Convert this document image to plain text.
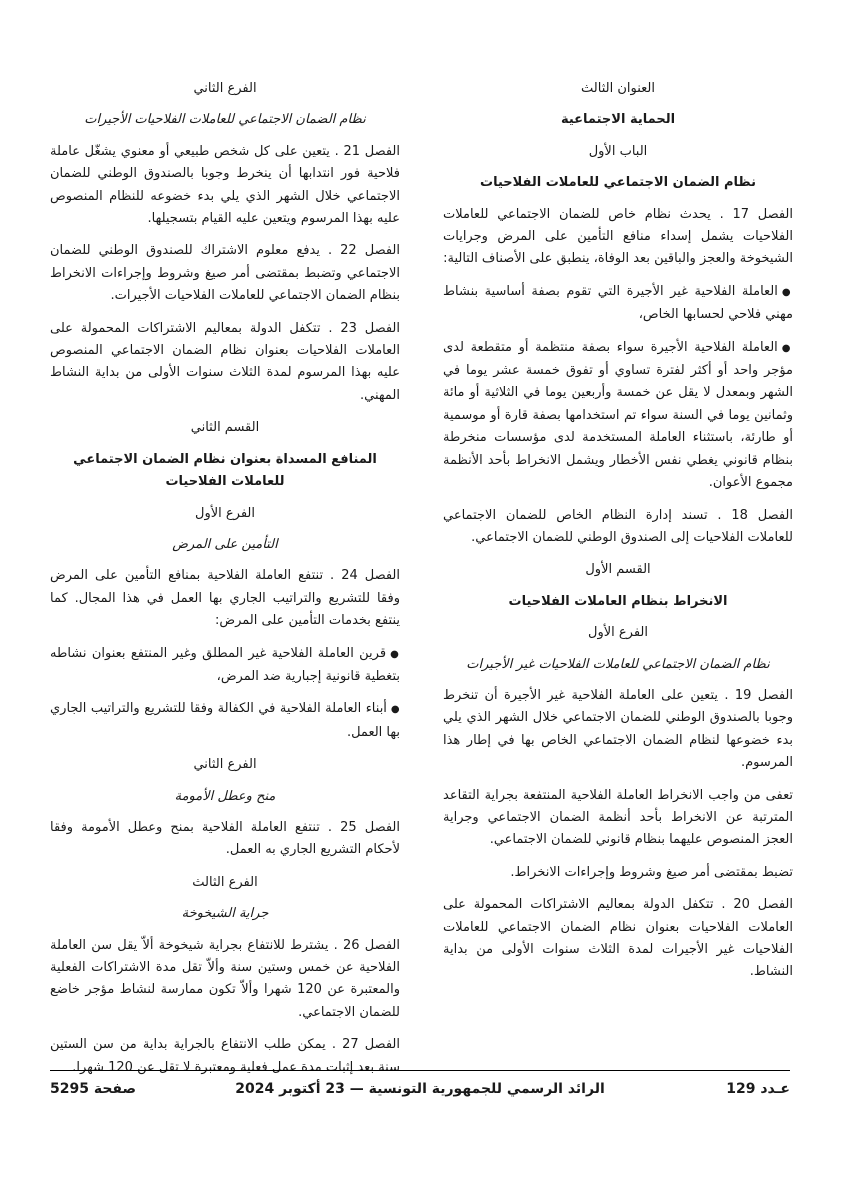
العنوان الثالث
الحماية الاجتماعية
الباب الأول
نظام الضمان الاجتماعي للعاملات الفلاحيات
الفصل 17 . يحدث نظام خاص للضمان الاجتماعي للعاملات الفلاحيات يشمل إسداء منافع التأمين على المرض وجرايات الشيخوخة والعجز والباقين بعد الوفاة، ينطبق على الأصناف التالية:
●العاملة الفلاحية غير الأجيرة التي تقوم بصفة أساسية بنشاط مهني فلاحي لحسابها الخاص،
●العاملة الفلاحية الأجيرة سواء بصفة منتظمة أو متقطعة لدى مؤجر واحد أو أكثر لفترة تساوي أو تفوق خمسة عشر يوما في الشهر وبمعدل لا يقل عن خمسة وأربعين يوما في الثلاثية أو مائة وثمانين يوما في السنة سواء تم استخدامها بصفة قارة أو موسمية أو طارئة، باستثناء العاملة المستخدمة لدى مؤسسات منخرطة بنظام قانوني يغطي نفس الأخطار ويشمل الانخراط بأحد الأنظمة مجموع الأعوان.
الفصل 18 . تسند إدارة النظام الخاص للضمان الاجتماعي للعاملات الفلاحيات إلى الصندوق الوطني للضمان الاجتماعي.
القسم الأول
الانخراط بنظام العاملات الفلاحيات
الفرع الأول
نظام الضمان الاجتماعي للعاملات الفلاحيات غير الأجيرات
الفصل 19 . يتعين على العاملة الفلاحية غير الأجيرة أن تنخرط وجوبا بالصندوق الوطني للضمان الاجتماعي خلال الشهر الذي يلي بدء خضوعها لنظام الضمان الاجتماعي الخاص بها في إطار هذا المرسوم.
تعفى من واجب الانخراط العاملة الفلاحية المنتفعة بجراية التقاعد المترتبة عن الانخراط بأحد أنظمة الضمان الاجتماعي وجراية العجز المنصوص عليهما بنظام قانوني للضمان الاجتماعي.
تضبط بمقتضى أمر صيغ وشروط وإجراءات الانخراط.
الفصل 20 . تتكفل الدولة بمعاليم الاشتراكات المحمولة على العاملات الفلاحيات بعنوان نظام الضمان الاجتماعي للعاملات الفلاحيات غير الأجيرات لمدة الثلاث سنوات الأولى من بداية النشاط.
الفرع الثاني
نظام الضمان الاجتماعي للعاملات الفلاحيات الأجيرات
الفصل 21 . يتعين على كل شخص طبيعي أو معنوي يشغّل عاملة فلاحية فور انتدابها أن ينخرط وجوبا بالصندوق الوطني للضمان الاجتماعي خلال الشهر الذي يلي بدء خضوعه للنظام المنصوص عليه بهذا المرسوم ويتعين عليه القيام بتسجيلها.
الفصل 22 . يدفع معلوم الاشتراك للصندوق الوطني للضمان الاجتماعي وتضبط بمقتضى أمر صيغ وشروط وإجراءات الانخراط بنظام الضمان الاجتماعي للعاملات الفلاحيات الأجيرات.
الفصل 23 . تتكفل الدولة بمعاليم الاشتراكات المحمولة على العاملات الفلاحيات بعنوان نظام الضمان الاجتماعي المنصوص عليه بهذا المرسوم لمدة الثلاث سنوات الأولى من بداية النشاط المهني.
القسم الثاني
المنافع المسداة بعنوان نظام الضمان الاجتماعي للعاملات الفلاحيات
الفرع الأول
التأمين على المرض
الفصل 24 . تنتفع العاملة الفلاحية بمنافع التأمين على المرض وفقا للتشريع والتراتيب الجاري بها العمل في هذا المجال. كما ينتفع بخدمات التأمين على المرض:
●قرين العاملة الفلاحية غير المطلق وغير المنتفع بعنوان نشاطه بتغطية قانونية إجبارية ضد المرض،
●أبناء العاملة الفلاحية في الكفالة وفقا للتشريع والتراتيب الجاري بها العمل.
الفرع الثاني
منح وعطل الأمومة
الفصل 25 . تنتفع العاملة الفلاحية بمنح وعطل الأمومة وفقا لأحكام التشريع الجاري به العمل.
الفرع الثالث
جراية الشيخوخة
الفصل 26 . يشترط للانتفاع بجراية شيخوخة ألاّ يقل سن العاملة الفلاحية عن خمس وستين سنة وألاّ تقل مدة الاشتراكات الفعلية والمعتبرة عن 120 شهرا وألاّ تكون ممارسة لنشاط مؤجر خاضع للضمان الاجتماعي.
الفصل 27 . يمكن طلب الانتفاع بالجراية بداية من سن الستين سنة بعد إثبات مدة عمل فعلية ومعتبرة لا تقل عن 120 شهرا.
عـدد 129
الرائد الرسمي للجمهورية التونسية — 23 أكتوبر 2024
صفحة 5295
